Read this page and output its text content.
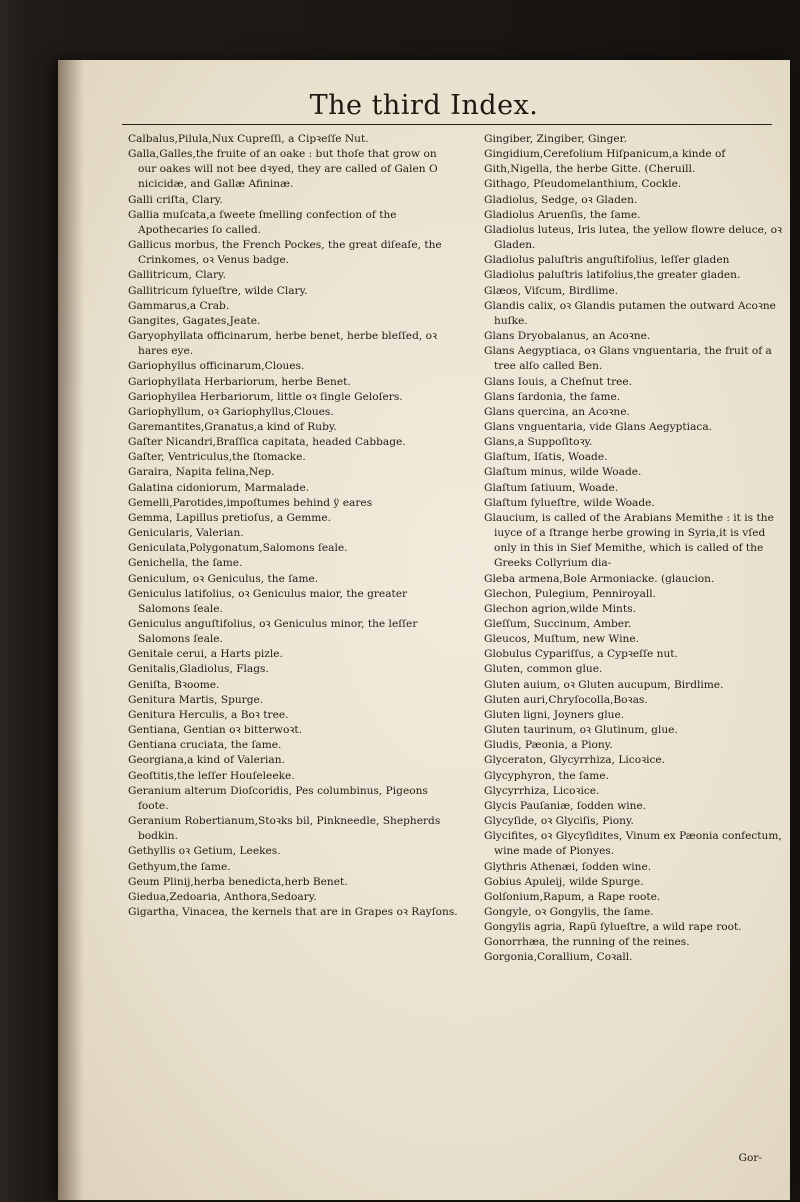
The third Index.

Calbalus,Pilula,Nux Cupreſſi, a Cipꝛeſſe Nut.

Galla,Galles,the fruite of an oake : but thoſe that grow on our oakes will not bee dꝛyed, they are called of Galen O nicicidæ, and Gallæ Afininæ.

Galli criſta, Clary.

Gallia muſcata,a ſweete ſmelling confection of the Apothecaries ſo called.

Gallicus morbus, the French Pockes, the great diſeaſe, the Crinkomes, oꝛ Venus badge.

Gallitricum, Clary.

Gallitricum ſylueſtre, wilde Clary.

Gammarus,a Crab.

Gangites, Gagates,Jeate.

Garyophyllata officinarum, herbe benet, herbe bleſſed, oꝛ hares eye.

Gariophyllus officinarum,Cloues.

Gariophyllata Herbariorum, herbe Benet.

Gariophyllea Herbariorum, little oꝛ ſingle Geloſers.

Gariophyllum, oꝛ Gariophyllus,Cloues.

Garemantites,Granatus,a kind of Ruby.

Gaſter Nicandri,Braſſica capitata, headed Cabbage.

Gaſter, Ventriculus,the ſtomacke.

Garaira, Napita felina,Nep.

Galatina cidoniorum, Marmalade.

Gemelli,Parotides,impoſtumes behind ÿ eares

Gemma, Lapillus pretioſus, a Gemme.

Genicularis, Valerian.

Geniculata,Polygonatum,Salomons ſeale.

Genichella, the ſame.

Geniculum, oꝛ Geniculus, the ſame.

Geniculus latifolius, oꝛ Geniculus maior, the greater Salomons ſeale.

Geniculus anguſtifolius, oꝛ Geniculus minor, the leſſer Salomons ſeale.

Genitale cerui, a Harts pizle.

Genitalis,Gladiolus, Flags.

Geniſta, Bꝛoome.

Genitura Martis, Spurge.

Genitura Herculis, a Boꝛ tree.

Gentiana, Gentian oꝛ bitterwoꝛt.

Gentiana cruciata, the ſame.

Georgiana,a kind of Valerian.

Geoſtitis,the leſſer Houſeleeke.

Geranium alterum Dioſcoridis, Pes columbinus, Pigeons foote.

Geranium Robertianum,Stoꝛks bil, Pinkneedle, Shepherds bodkin.

Gethyllis oꝛ Getium, Leekes.

Gethyum,the ſame.

Geum Plinij,herba benedicta,herb Benet.

Giedua,Zedoaria, Anthora,Sedoary.

Gigartha, Vinacea, the kernels that are in Grapes oꝛ Rayſons.

Gingiber, Zingiber, Ginger.

Gingidium,Cerefolium Hiſpanicum,a kinde of

Gith,Nigella, the herbe Gitte. (Cheruill.

Githago, Pſeudomelanthium, Cockle.

Gladiolus, Sedge, oꝛ Gladen.

Gladiolus Aruenſis, the ſame.

Gladiolus luteus, Iris lutea, the yellow flowre deluce, oꝛ Gladen.

Gladiolus paluſtris anguſtifolius, leſſer gladen

Gladiolus paluſtris latifolius,the greater gladen.

Glæos, Viſcum, Birdlime.

Glandis calix, oꝛ Glandis putamen the outward Acoꝛne huſke.

Glans Dryobalanus, an Acoꝛne.

Glans Aegyptiaca, oꝛ Glans vnguentaria, the fruit of a tree alſo called Ben.

Glans Iouis, a Cheſnut tree.

Glans ſardonia, the ſame.

Glans quercina, an Acoꝛne.

Glans vnguentaria, vide Glans Aegyptiaca.

Glans,a Suppoſitoꝛy.

Glaſtum, Iſatis, Woade.

Glaſtum minus, wilde Woade.

Glaſtum ſatiuum, Woade.

Glaſtum ſylueſtre, wilde Woade.

Glaucium, is called of the Arabians Memithe : it is the iuyce of a ſtrange herbe growing in Syria,it is vſed only in this in Sief Memithe, which is called of the Greeks Collyrium dia-

Gleba armena,Bole Armoniacke. (glaucion.

Glechon, Pulegium, Penniroyall.

Glechon agrion,wilde Mints.

Gleſſum, Succinum, Amber.

Gleucos, Muſtum, new Wine.

Globulus Cypariſſus, a Cypꝛeſſe nut.

Gluten, common glue.

Gluten auium, oꝛ Gluten aucupum, Birdlime.

Gluten auri,Chryſocolla,Boꝛas.

Gluten ligni, Joyners glue.

Gluten taurinum, oꝛ Glutinum, glue.

Gludis, Pæonia, a Piony.

Glyceraton, Glycyrrhiza, Licoꝛice.

Glycyphyron, the ſame.

Glycyrrhiza, Licoꝛice.

Glycis Pauſaniæ, ſodden wine.

Glycyſide, oꝛ Glyciſis, Piony.

Glycifites, oꝛ Glycyſidites, Vinum ex Pæonia confectum, wine made of Pionyes.

Glythris Athenæi, ſodden wine.

Gobius Apuleij, wilde Spurge.

Golſonium,Rapum, a Rape roote.

Gongyle, oꝛ Gongylis, the ſame.

Gongylis agria, Rapũ ſylueſtre, a wild rape root.

Gonorrhæa, the running of the reines.

Gorgonia,Corallium, Coꝛall.

Gor-
